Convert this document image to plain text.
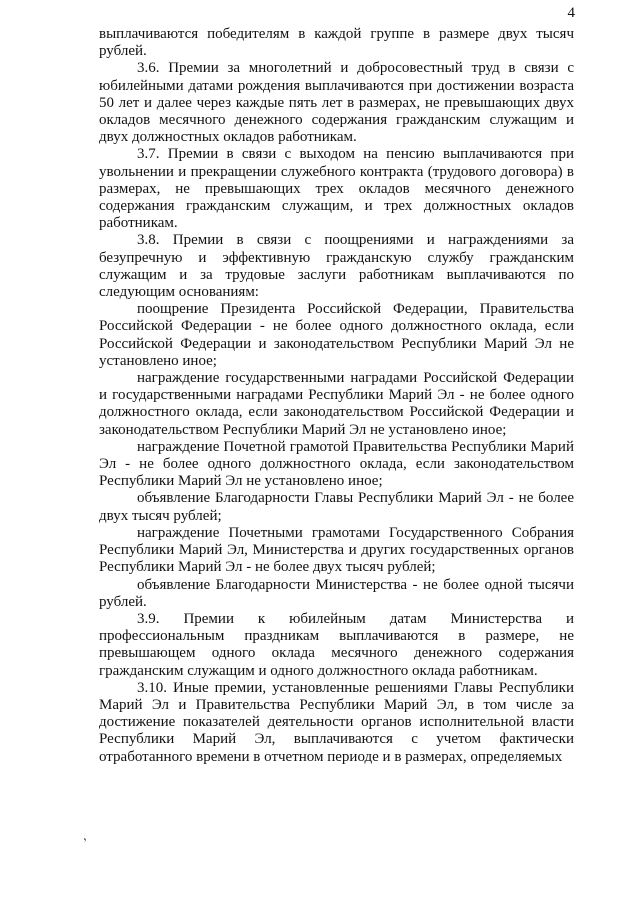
4

выплачиваются победителям в каждой группе в размере двух тысяч рублей.

3.6. Премии за многолетний и добросовестный труд в связи с юбилейными датами рождения выплачиваются при достижении возраста 50 лет и далее через каждые пять лет в размерах, не превышающих двух окладов месячного денежного содержания гражданским служащим и двух должностных окладов работникам.

3.7. Премии в связи с выходом на пенсию выплачиваются при увольнении и прекращении служебного контракта (трудового договора) в размерах, не превышающих трех окладов месячного денежного содержания гражданским служащим, и трех должностных окладов работникам.

3.8. Премии в связи с поощрениями и награждениями за безупречную и эффективную гражданскую службу гражданским служащим и за трудовые заслуги работникам выплачиваются по следующим основаниям:

поощрение Президента Российской Федерации, Правительства Российской Федерации - не более одного должностного оклада, если Российской Федерации и законодательством Республики Марий Эл не установлено иное;

награждение государственными наградами Российской Федерации и государственными наградами Республики Марий Эл - не более одного должностного оклада, если законодательством Российской Федерации и законодательством Республики Марий Эл не установлено иное;

награждение Почетной грамотой Правительства Республики Марий Эл - не более одного должностного оклада, если законодательством Республики Марий Эл не установлено иное;

объявление Благодарности Главы Республики Марий Эл - не более двух тысяч рублей;

награждение Почетными грамотами Государственного Собрания Республики Марий Эл, Министерства и других государственных органов Республики Марий Эл - не более двух тысяч рублей;

объявление Благодарности Министерства - не более одной тысячи рублей.

3.9. Премии к юбилейным датам Министерства и профессиональным праздникам выплачиваются в размере, не превышающем одного оклада месячного денежного содержания гражданским служащим и одного должностного оклада работникам.

3.10. Иные премии, установленные решениями Главы Республики Марий Эл и Правительства Республики Марий Эл, в том числе за достижение показателей деятельности органов исполнительной власти Республики Марий Эл, выплачиваются с учетом фактически отработанного времени в отчетном периоде и в размерах, определяемых

ʼ
